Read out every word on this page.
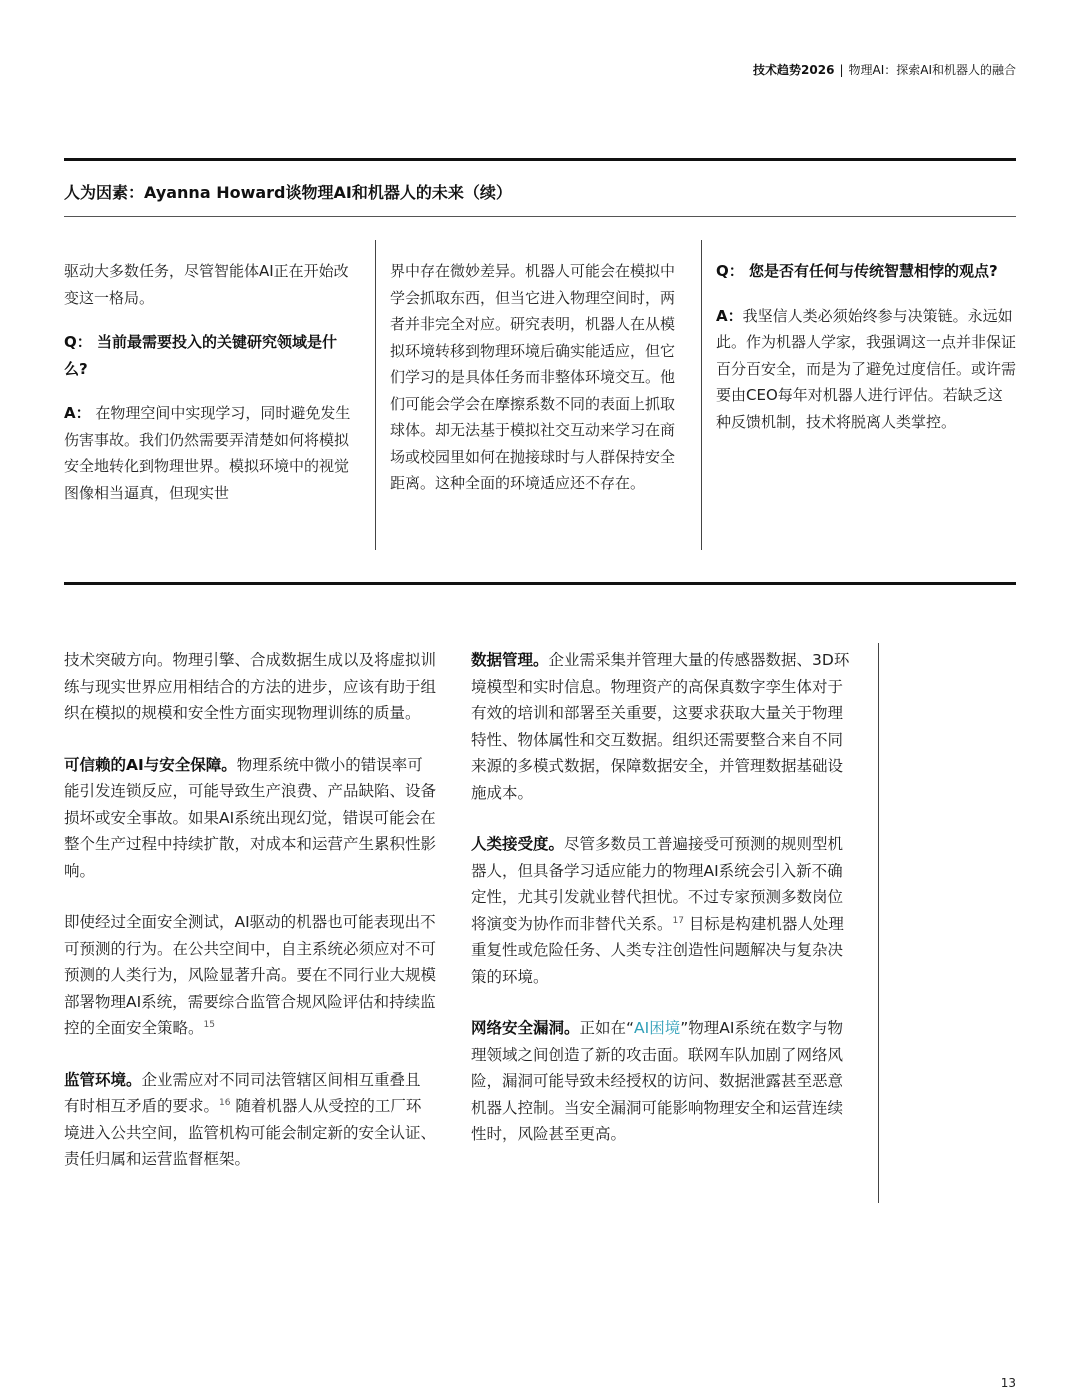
技术趋势2026 | 物理AI：探索AI和机器人的融合
人为因素：Ayanna Howard谈物理AI和机器人的未来（续）

驱动大多数任务，尽管智能体AI正在开始改变这一格局。

Q： 当前最需要投入的关键研究领域是什么?

A： 在物理空间中实现学习，同时避免发生伤害事故。我们仍然需要弄清楚如何将模拟安全地转化到物理世界。模拟环境中的视觉图像相当逼真，但现实世

界中存在微妙差异。机器人可能会在模拟中学会抓取东西，但当它进入物理空间时，两者并非完全对应。研究表明，机器人在从模拟环境转移到物理环境后确实能适应，但它们学习的是具体任务而非整体环境交互。他们可能会学会在摩擦系数不同的表面上抓取球体。却无法基于模拟社交互动来学习在商场或校园里如何在抛接球时与人群保持安全距离。这种全面的环境适应还不存在。

Q： 您是否有任何与传统智慧相悖的观点?

A：我坚信人类必须始终参与决策链。永远如此。作为机器人学家，我强调这一点并非保证百分百安全，而是为了避免过度信任。或许需要由CEO每年对机器人进行评估。若缺乏这种反馈机制，技术将脱离人类掌控。

技术突破方向。物理引擎、合成数据生成以及将虚拟训练与现实世界应用相结合的方法的进步，应该有助于组织在模拟的规模和安全性方面实现物理训练的质量。

可信赖的AI与安全保障。物理系统中微小的错误率可能引发连锁反应，可能导致生产浪费、产品缺陷、设备损坏或安全事故。如果AI系统出现幻觉，错误可能会在整个生产过程中持续扩散，对成本和运营产生累积性影响。

即使经过全面安全测试，AI驱动的机器也可能表现出不可预测的行为。在公共空间中，自主系统必须应对不可预测的人类行为，风险显著升高。要在不同行业大规模部署物理AI系统，需要综合监管合规风险评估和持续监控的全面安全策略。$^{15}$

监管环境。企业需应对不同司法管辖区间相互重叠且有时相互矛盾的要求。$^{16}$ 随着机器人从受控的工厂环境进入公共空间，监管机构可能会制定新的安全认证、责任归属和运营监督框架。

数据管理。企业需采集并管理大量的传感器数据、3D环境模型和实时信息。物理资产的高保真数字孪生体对于有效的培训和部署至关重要，这要求获取大量关于物理特性、物体属性和交互数据。组织还需要整合来自不同来源的多模式数据，保障数据安全，并管理数据基础设施成本。

人类接受度。尽管多数员工普遍接受可预测的规则型机器人，但具备学习适应能力的物理AI系统会引入新不确定性，尤其引发就业替代担忧。不过专家预测多数岗位将演变为协作而非替代关系。$^{17}$ 目标是构建机器人处理重复性或危险任务、人类专注创造性问题解决与复杂决策的环境。

网络安全漏洞。正如在“AI困境”物理AI系统在数字与物理领域之间创造了新的攻击面。联网车队加剧了网络风险，漏洞可能导致未经授权的访问、数据泄露甚至恶意机器人控制。当安全漏洞可能影响物理安全和运营连续性时，风险甚至更高。

13
